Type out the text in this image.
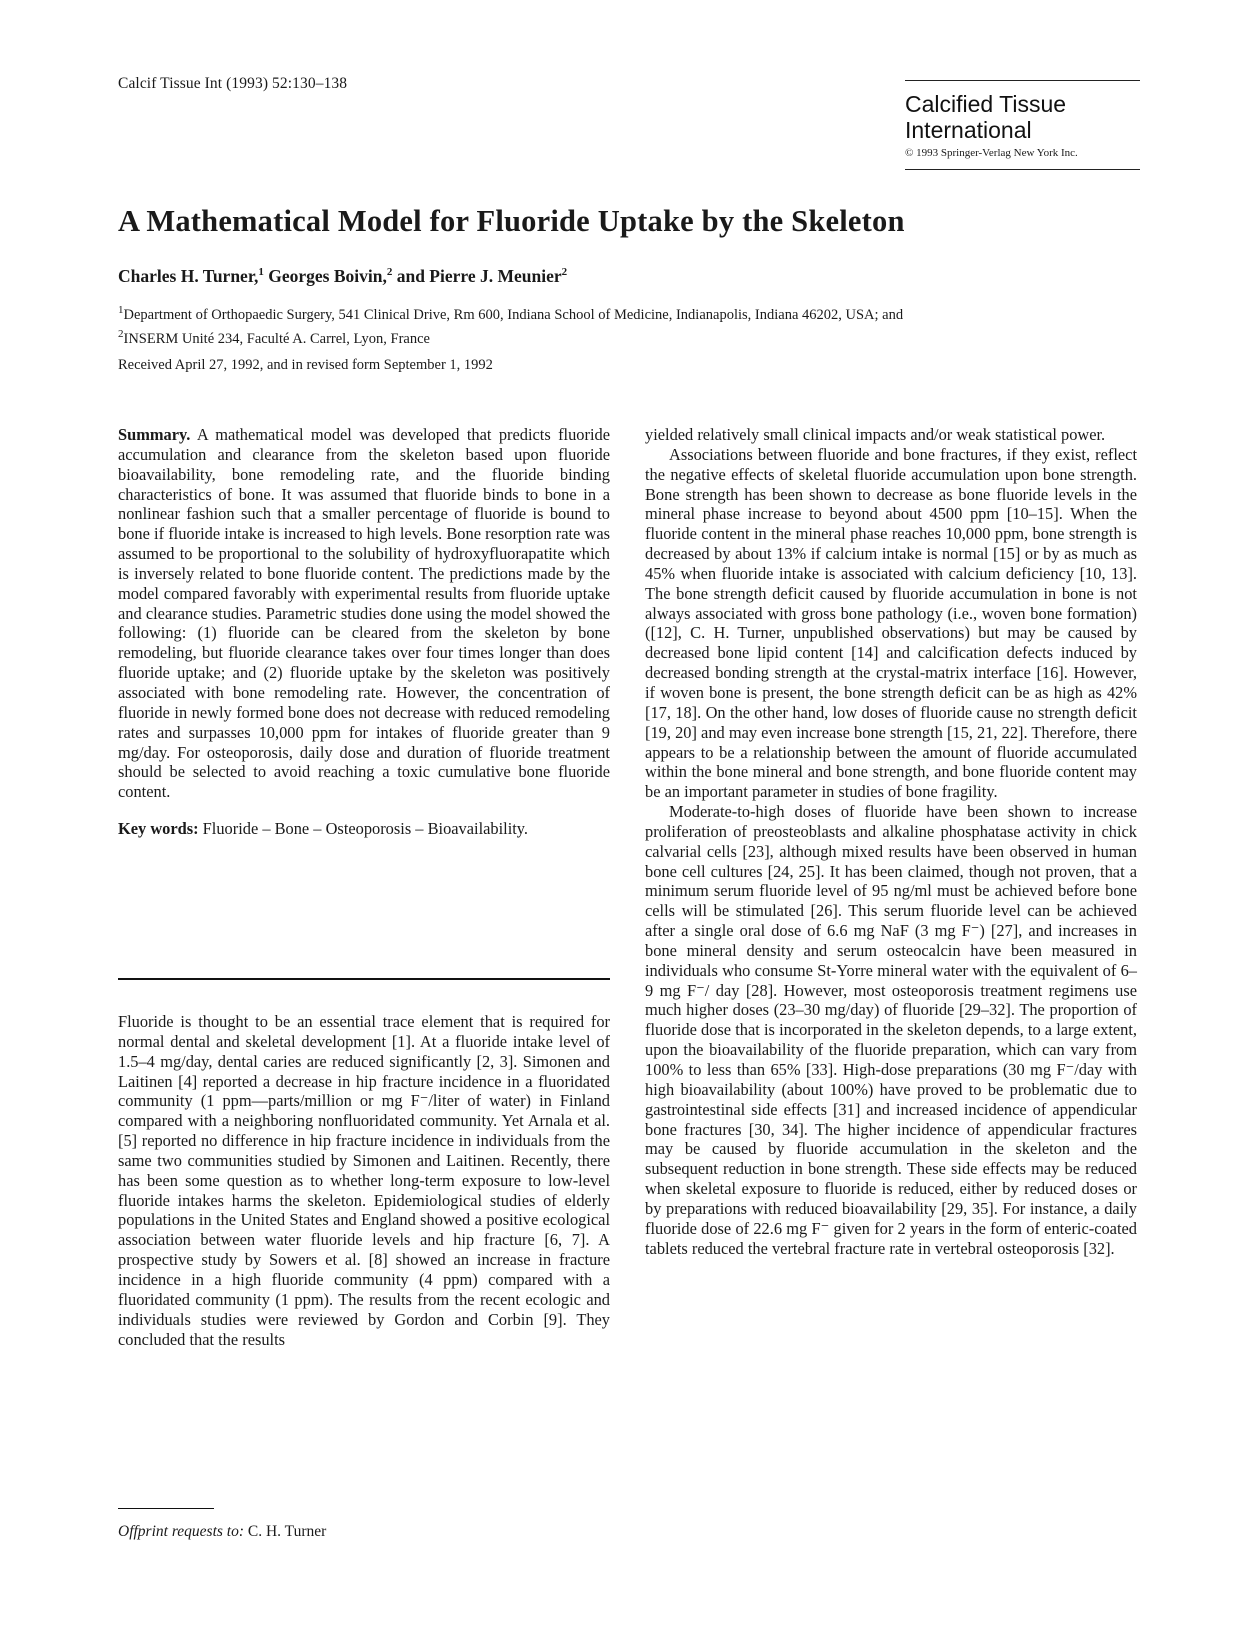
Calcif Tissue Int (1993) 52:130–138
Calcified Tissue
International
© 1993 Springer-Verlag New York Inc.
A Mathematical Model for Fluoride Uptake by the Skeleton
Charles H. Turner,$^1$ Georges Boivin,$^2$ and Pierre J. Meunier$^2$
$^1$Department of Orthopaedic Surgery, 541 Clinical Drive, Rm 600, Indiana School of Medicine, Indianapolis, Indiana 46202, USA; and
$^2$INSERM Unité 234, Faculté A. Carrel, Lyon, France
Received April 27, 1992, and in revised form September 1, 1992

Summary. A mathematical model was developed that predicts fluoride accumulation and clearance from the skeleton based upon fluoride bioavailability, bone remodeling rate, and the fluoride binding characteristics of bone. It was assumed that fluoride binds to bone in a nonlinear fashion such that a smaller percentage of fluoride is bound to bone if fluoride intake is increased to high levels. Bone resorption rate was assumed to be proportional to the solubility of hydroxyfluorapatite which is inversely related to bone fluoride content. The predictions made by the model compared favorably with experimental results from fluoride uptake and clearance studies. Parametric studies done using the model showed the following: (1) fluoride can be cleared from the skeleton by bone remodeling, but fluoride clearance takes over four times longer than does fluoride uptake; and (2) fluoride uptake by the skeleton was positively associated with bone remodeling rate. However, the concentration of fluoride in newly formed bone does not decrease with reduced remodeling rates and surpasses 10,000 ppm for intakes of fluoride greater than 9 mg/day. For osteoporosis, daily dose and duration of fluoride treatment should be selected to avoid reaching a toxic cumulative bone fluoride content.

Key words: Fluoride – Bone – Osteoporosis – Bioavailability.

Fluoride is thought to be an essential trace element that is required for normal dental and skeletal development [1]. At a fluoride intake level of 1.5–4 mg/day, dental caries are reduced significantly [2, 3]. Simonen and Laitinen [4] reported a decrease in hip fracture incidence in a fluoridated community (1 ppm—parts/million or mg F⁻/liter of water) in Finland compared with a neighboring nonfluoridated community. Yet Arnala et al. [5] reported no difference in hip fracture incidence in individuals from the same two communities studied by Simonen and Laitinen. Recently, there has been some question as to whether long-term exposure to low-level fluoride intakes harms the skeleton. Epidemiological studies of elderly populations in the United States and England showed a positive ecological association between water fluoride levels and hip fracture [6, 7]. A prospective study by Sowers et al. [8] showed an increase in fracture incidence in a high fluoride community (4 ppm) compared with a fluoridated community (1 ppm). The results from the recent ecologic and individuals studies were reviewed by Gordon and Corbin [9]. They concluded that the results

yielded relatively small clinical impacts and/or weak statistical power.

Associations between fluoride and bone fractures, if they exist, reflect the negative effects of skeletal fluoride accumulation upon bone strength. Bone strength has been shown to decrease as bone fluoride levels in the mineral phase increase to beyond about 4500 ppm [10–15]. When the fluoride content in the mineral phase reaches 10,000 ppm, bone strength is decreased by about 13% if calcium intake is normal [15] or by as much as 45% when fluoride intake is associated with calcium deficiency [10, 13]. The bone strength deficit caused by fluoride accumulation in bone is not always associated with gross bone pathology (i.e., woven bone formation) ([12], C. H. Turner, unpublished observations) but may be caused by decreased bone lipid content [14] and calcification defects induced by decreased bonding strength at the crystal-matrix interface [16]. However, if woven bone is present, the bone strength deficit can be as high as 42% [17, 18]. On the other hand, low doses of fluoride cause no strength deficit [19, 20] and may even increase bone strength [15, 21, 22]. Therefore, there appears to be a relationship between the amount of fluoride accumulated within the bone mineral and bone strength, and bone fluoride content may be an important parameter in studies of bone fragility.

Moderate-to-high doses of fluoride have been shown to increase proliferation of preosteoblasts and alkaline phosphatase activity in chick calvarial cells [23], although mixed results have been observed in human bone cell cultures [24, 25]. It has been claimed, though not proven, that a minimum serum fluoride level of 95 ng/ml must be achieved before bone cells will be stimulated [26]. This serum fluoride level can be achieved after a single oral dose of 6.6 mg NaF (3 mg F⁻) [27], and increases in bone mineral density and serum osteocalcin have been measured in individuals who consume St-Yorre mineral water with the equivalent of 6–9 mg F⁻/ day [28]. However, most osteoporosis treatment regimens use much higher doses (23–30 mg/day) of fluoride [29–32]. The proportion of fluoride dose that is incorporated in the skeleton depends, to a large extent, upon the bioavailability of the fluoride preparation, which can vary from 100% to less than 65% [33]. High-dose preparations (30 mg F⁻/day with high bioavailability (about 100%) have proved to be problematic due to gastrointestinal side effects [31] and increased incidence of appendicular bone fractures [30, 34]. The higher incidence of appendicular fractures may be caused by fluoride accumulation in the skeleton and the subsequent reduction in bone strength. These side effects may be reduced when skeletal exposure to fluoride is reduced, either by reduced doses or by preparations with reduced bioavailability [29, 35]. For instance, a daily fluoride dose of 22.6 mg F⁻ given for 2 years in the form of enteric-coated tablets reduced the vertebral fracture rate in vertebral osteoporosis [32].

Offprint requests to: C. H. Turner
